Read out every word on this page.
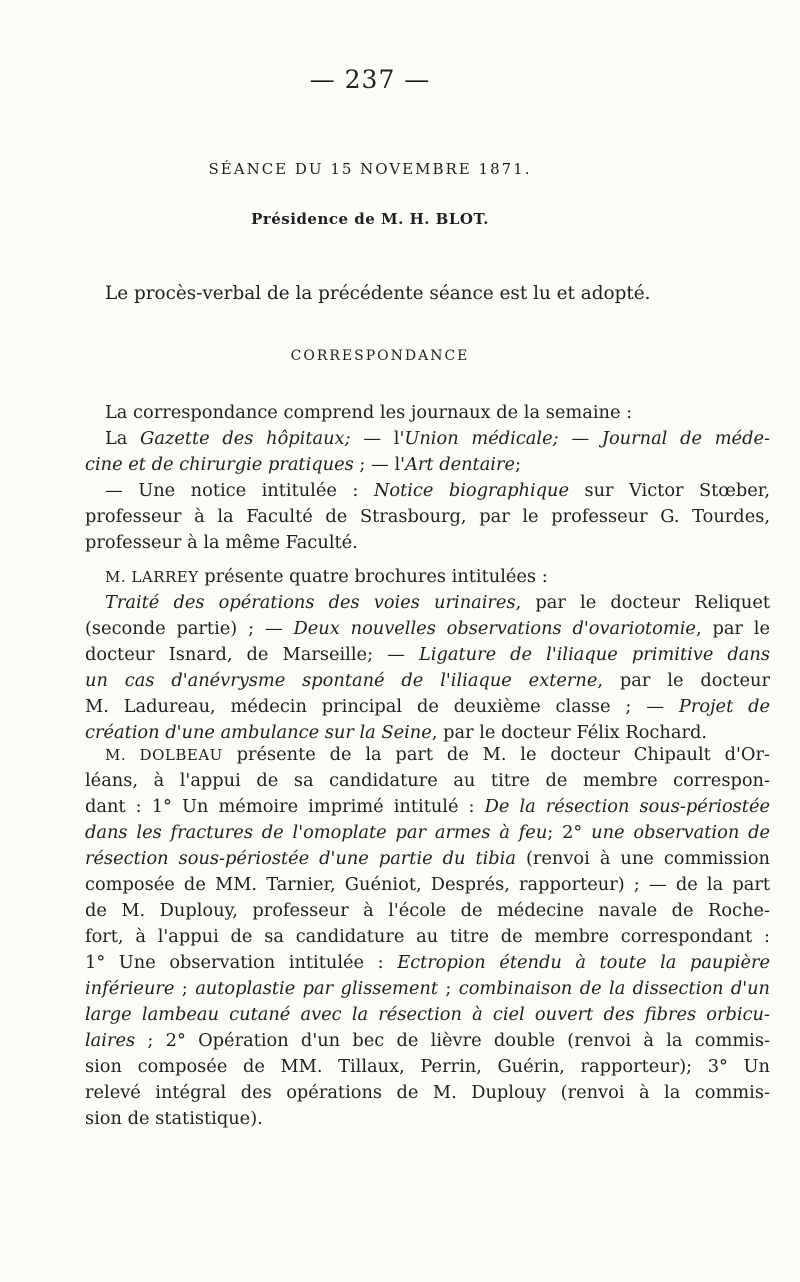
— 237 —
SÉANCE DU 15 NOVEMBRE 1871.
Présidence de M. H. BLOT.
Le procès-verbal de la précédente séance est lu et adopté.
CORRESPONDANCE
La correspondance comprend les journaux de la semaine :
La Gazette des hôpitaux; — l'Union médicale; — Journal de méde-
cine et de chirurgie pratiques ; — l'Art dentaire;
— Une notice intitulée : Notice biographique sur Victor Stœber,
professeur à la Faculté de Strasbourg, par le professeur G. Tourdes,
professeur à la même Faculté.
M. LARREY présente quatre brochures intitulées :
Traité des opérations des voies urinaires, par le docteur Reliquet
(seconde partie) ; — Deux nouvelles observations d'ovariotomie, par le
docteur Isnard, de Marseille; — Ligature de l'iliaque primitive dans
un cas d'anévrysme spontané de l'iliaque externe, par le docteur
M. Ladureau, médecin principal de deuxième classe ; — Projet de
création d'une ambulance sur la Seine, par le docteur Félix Rochard.
M. DOLBEAU présente de la part de M. le docteur Chipault d'Or-
léans, à l'appui de sa candidature au titre de membre correspon-
dant : 1° Un mémoire imprimé intitulé : De la résection sous-périostée
dans les fractures de l'omoplate par armes à feu; 2° une observation de
résection sous-périostée d'une partie du tibia (renvoi à une commission
composée de MM. Tarnier, Guéniot, Després, rapporteur) ; — de la part
de M. Duplouy, professeur à l'école de médecine navale de Roche-
fort, à l'appui de sa candidature au titre de membre correspondant :
1° Une observation intitulée : Ectropion étendu à toute la paupière
inférieure ; autoplastie par glissement ; combinaison de la dissection d'un
large lambeau cutané avec la résection à ciel ouvert des fibres orbicu-
laires ; 2° Opération d'un bec de lièvre double (renvoi à la commis-
sion composée de MM. Tillaux, Perrin, Guérin, rapporteur); 3° Un
relevé intégral des opérations de M. Duplouy (renvoi à la commis-
sion de statistique).
